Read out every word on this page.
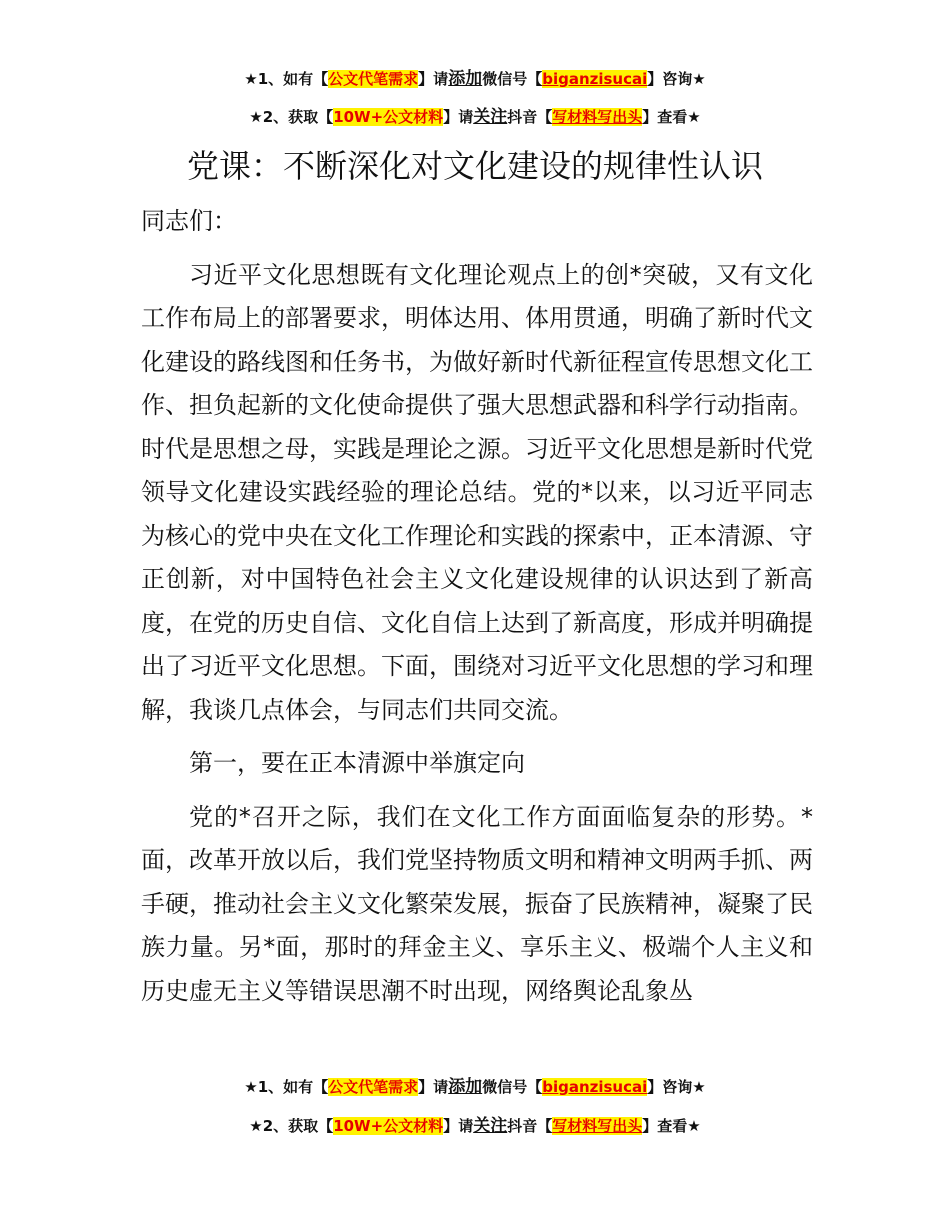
★1、如有【公文代笔需求】请添加微信号【biganzisucai】咨询★
★2、获取【10W+公文材料】请关注抖音【写材料写出头】查看★
党课：不断深化对文化建设的规律性认识

同志们：

习近平文化思想既有文化理论观点上的创*突破，又有文化工作布局上的部署要求，明体达用、体用贯通，明确了新时代文化建设的路线图和任务书，为做好新时代新征程宣传思想文化工作、担负起新的文化使命提供了强大思想武器和科学行动指南。时代是思想之母，实践是理论之源。习近平文化思想是新时代党领导文化建设实践经验的理论总结。党的*以来，以习近平同志为核心的党中央在文化工作理论和实践的探索中，正本清源、守正创新，对中国特色社会主义文化建设规律的认识达到了新高度，在党的历史自信、文化自信上达到了新高度，形成并明确提出了习近平文化思想。下面，围绕对习近平文化思想的学习和理解，我谈几点体会，与同志们共同交流。

第一，要在正本清源中举旗定向

党的*召开之际，我们在文化工作方面面临复杂的形势。*面，改革开放以后，我们党坚持物质文明和精神文明两手抓、两手硬，推动社会主义文化繁荣发展，振奋了民族精神，凝聚了民族力量。另*面，那时的拜金主义、享乐主义、极端个人主义和历史虚无主义等错误思潮不时出现，网络舆论乱象丛

★1、如有【公文代笔需求】请添加微信号【biganzisucai】咨询★
★2、获取【10W+公文材料】请关注抖音【写材料写出头】查看★
